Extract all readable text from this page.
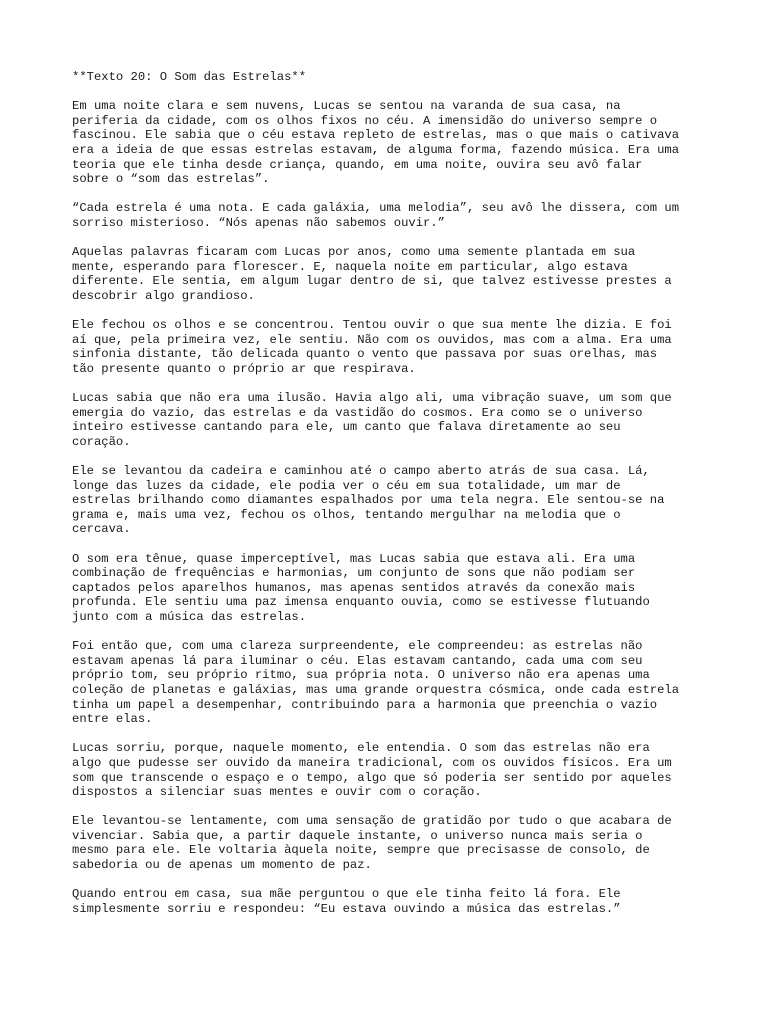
**Texto 20: O Som das Estrelas**
Em uma noite clara e sem nuvens, Lucas se sentou na varanda de sua casa, na
periferia da cidade, com os olhos fixos no céu. A imensidão do universo sempre o
fascinou. Ele sabia que o céu estava repleto de estrelas, mas o que mais o cativava
era a ideia de que essas estrelas estavam, de alguma forma, fazendo música. Era uma
teoria que ele tinha desde criança, quando, em uma noite, ouvira seu avô falar
sobre o “som das estrelas”.
“Cada estrela é uma nota. E cada galáxia, uma melodia”, seu avô lhe dissera, com um
sorriso misterioso. “Nós apenas não sabemos ouvir.”
Aquelas palavras ficaram com Lucas por anos, como uma semente plantada em sua
mente, esperando para florescer. E, naquela noite em particular, algo estava
diferente. Ele sentia, em algum lugar dentro de si, que talvez estivesse prestes a
descobrir algo grandioso.
Ele fechou os olhos e se concentrou. Tentou ouvir o que sua mente lhe dizia. E foi
aí que, pela primeira vez, ele sentiu. Não com os ouvidos, mas com a alma. Era uma
sinfonia distante, tão delicada quanto o vento que passava por suas orelhas, mas
tão presente quanto o próprio ar que respirava.
Lucas sabia que não era uma ilusão. Havia algo ali, uma vibração suave, um som que
emergia do vazio, das estrelas e da vastidão do cosmos. Era como se o universo
inteiro estivesse cantando para ele, um canto que falava diretamente ao seu
coração.
Ele se levantou da cadeira e caminhou até o campo aberto atrás de sua casa. Lá,
longe das luzes da cidade, ele podia ver o céu em sua totalidade, um mar de
estrelas brilhando como diamantes espalhados por uma tela negra. Ele sentou-se na
grama e, mais uma vez, fechou os olhos, tentando mergulhar na melodia que o
cercava.
O som era tênue, quase imperceptível, mas Lucas sabia que estava ali. Era uma
combinação de frequências e harmonias, um conjunto de sons que não podiam ser
captados pelos aparelhos humanos, mas apenas sentidos através da conexão mais
profunda. Ele sentiu uma paz imensa enquanto ouvia, como se estivesse flutuando
junto com a música das estrelas.
Foi então que, com uma clareza surpreendente, ele compreendeu: as estrelas não
estavam apenas lá para iluminar o céu. Elas estavam cantando, cada uma com seu
próprio tom, seu próprio ritmo, sua própria nota. O universo não era apenas uma
coleção de planetas e galáxias, mas uma grande orquestra cósmica, onde cada estrela
tinha um papel a desempenhar, contribuindo para a harmonia que preenchia o vazio
entre elas.
Lucas sorriu, porque, naquele momento, ele entendia. O som das estrelas não era
algo que pudesse ser ouvido da maneira tradicional, com os ouvidos físicos. Era um
som que transcende o espaço e o tempo, algo que só poderia ser sentido por aqueles
dispostos a silenciar suas mentes e ouvir com o coração.
Ele levantou-se lentamente, com uma sensação de gratidão por tudo o que acabara de
vivenciar. Sabia que, a partir daquele instante, o universo nunca mais seria o
mesmo para ele. Ele voltaria àquela noite, sempre que precisasse de consolo, de
sabedoria ou de apenas um momento de paz.
Quando entrou em casa, sua mãe perguntou o que ele tinha feito lá fora. Ele
simplesmente sorriu e respondeu: “Eu estava ouvindo a música das estrelas.”
